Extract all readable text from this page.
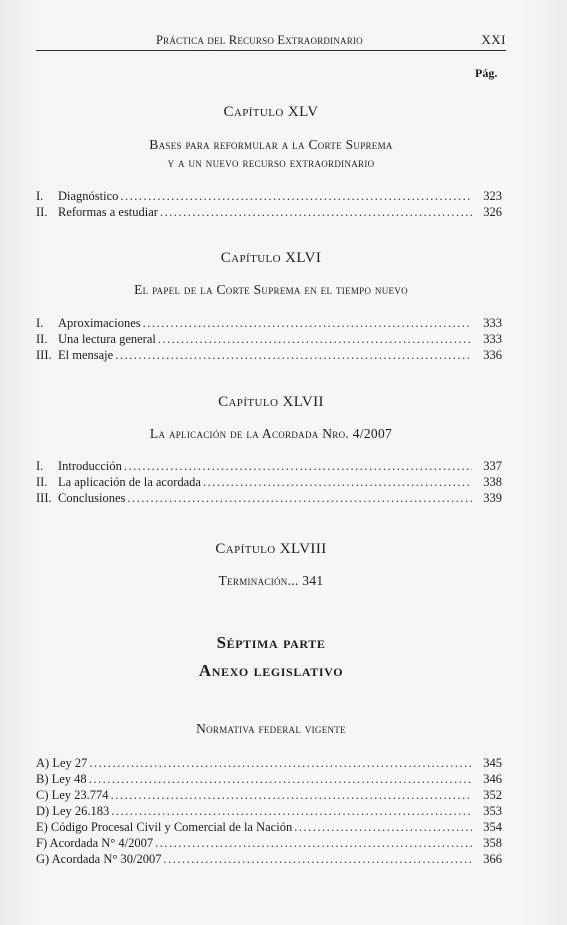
Práctica del Recurso Extraordinario	XXI
Pág.
Capítulo XLV
Bases para reformular a la Corte Suprema
y a un nuevo recurso extraordinario
I.	Diagnóstico .....	323
II. Reformas a estudiar .....	326
Capítulo XLVI
El papel de la Corte Suprema en el tiempo nuevo
I.	Aproximaciones .....	333
II. Una lectura general .....	333
III. El mensaje .....	336
Capítulo XLVII
La aplicación de la Acordada Nro. 4/2007
I.	Introducción .....	337
II. La aplicación de la acordada .....	338
III. Conclusiones .....	339
Capítulo XLVIII
Terminación... 341
Séptima parte
Anexo legislativo
Normativa federal vigente
A) Ley 27 .....	345
B) Ley 48 .....	346
C) Ley 23.774 .....	352
D) Ley 26.183 .....	353
E) Código Procesal Civil y Comercial de la Nación .....	354
F) Acordada N° 4/2007 .....	358
G) Acordada N° 30/2007 .....	366
